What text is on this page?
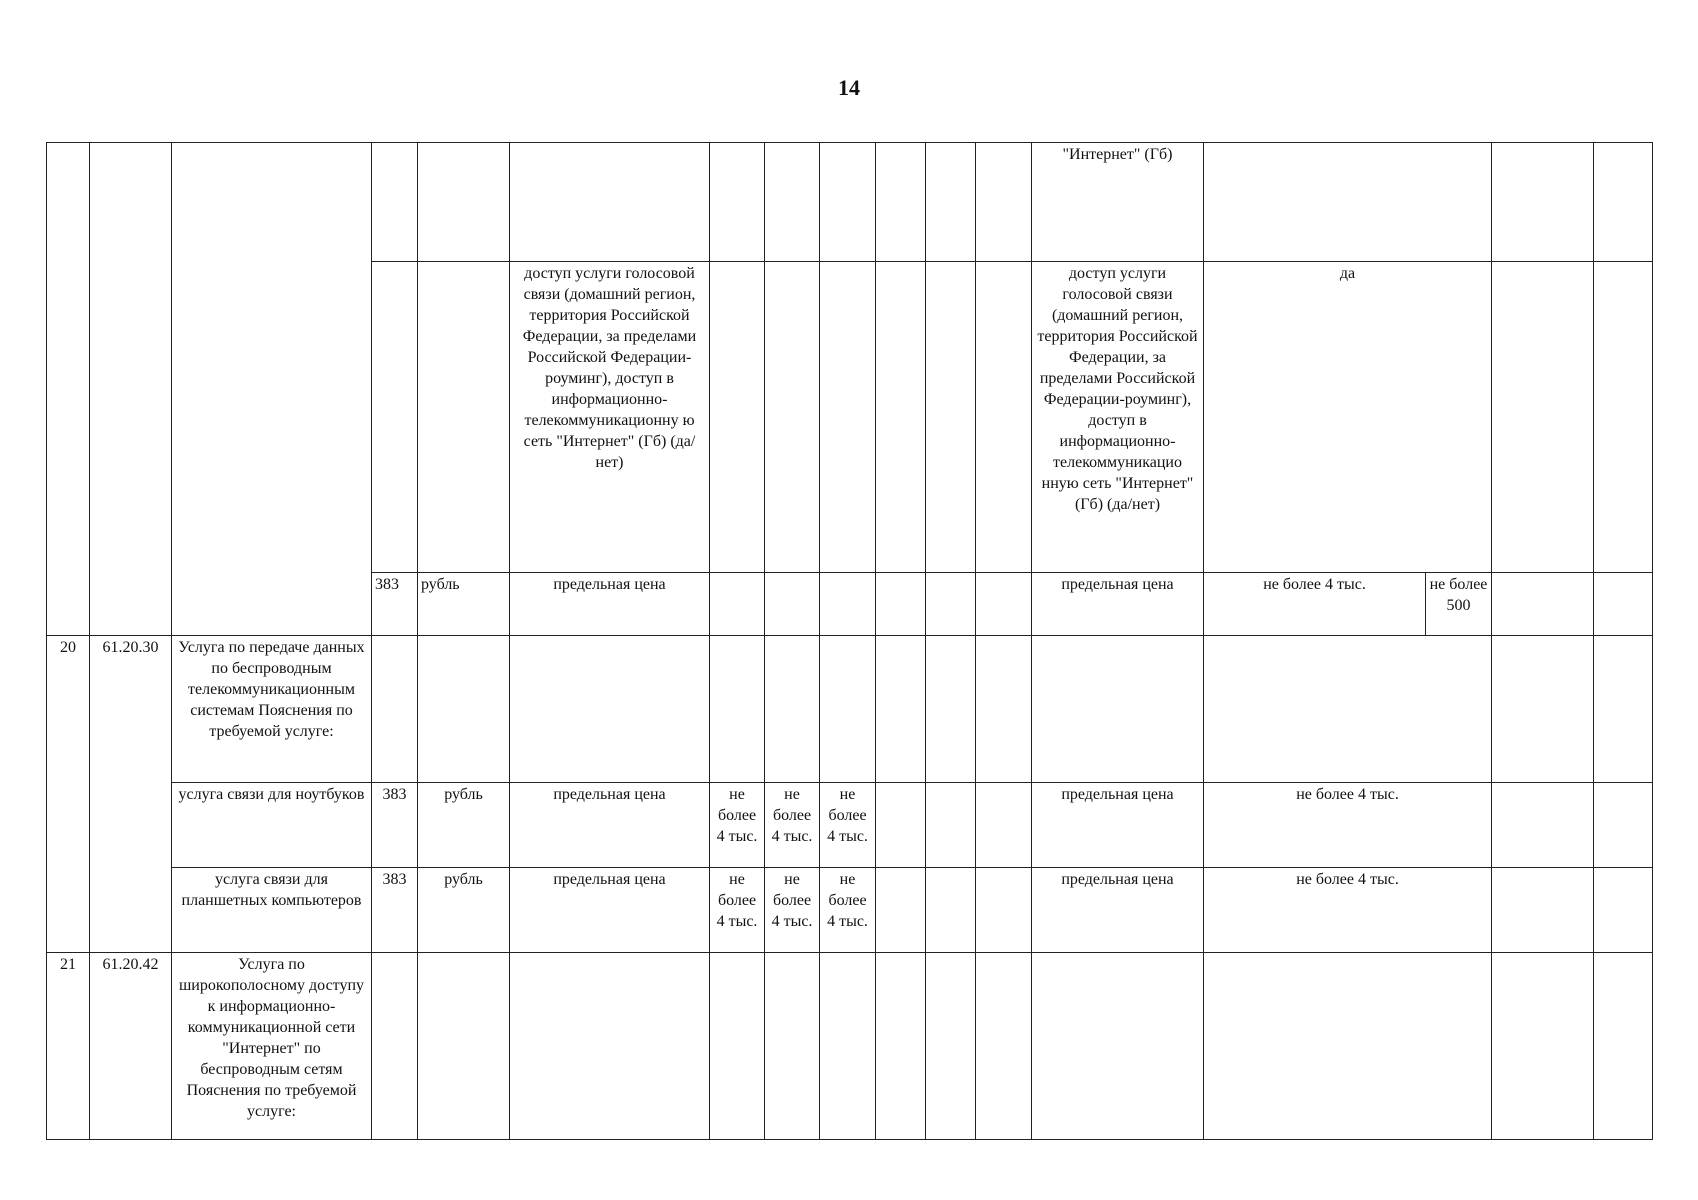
14
												"Интернет" (Гб)				
					доступ услуги голосовой связи (домашний регион, территория Российской Федерации, за пределами Российской Федерации-роуминг), доступ в информационно-телекоммуникационну ю сеть "Интернет" (Гб) (да/нет)							доступ услуги голосовой связи (домашний регион, территория Российской Федерации, за пределами Российской Федерации-роуминг), доступ в информационно-телекоммуникацио нную сеть "Интернет" (Гб) (да/нет)	да			
			383	рубль	предельная цена							предельная цена	не более 4 тыс.	не более 500		
20	61.20.30	Услуга по передаче данных по беспроводным телекоммуникационным системам Пояснения по требуемой услуге:														
		услуга связи для ноутбуков	383	рубль	предельная цена	не более 4 тыс.	не более 4 тыс.	не более 4 тыс.				предельная цена	не более 4 тыс.			
		услуга связи для планшетных компьютеров	383	рубль	предельная цена	не более 4 тыс.	не более 4 тыс.	не более 4 тыс.				предельная цена	не более 4 тыс.			
21	61.20.42	Услуга по широкополосному доступу к информационно-коммуникационной сети "Интернет" по беспроводным сетям Пояснения по требуемой услуге:														
